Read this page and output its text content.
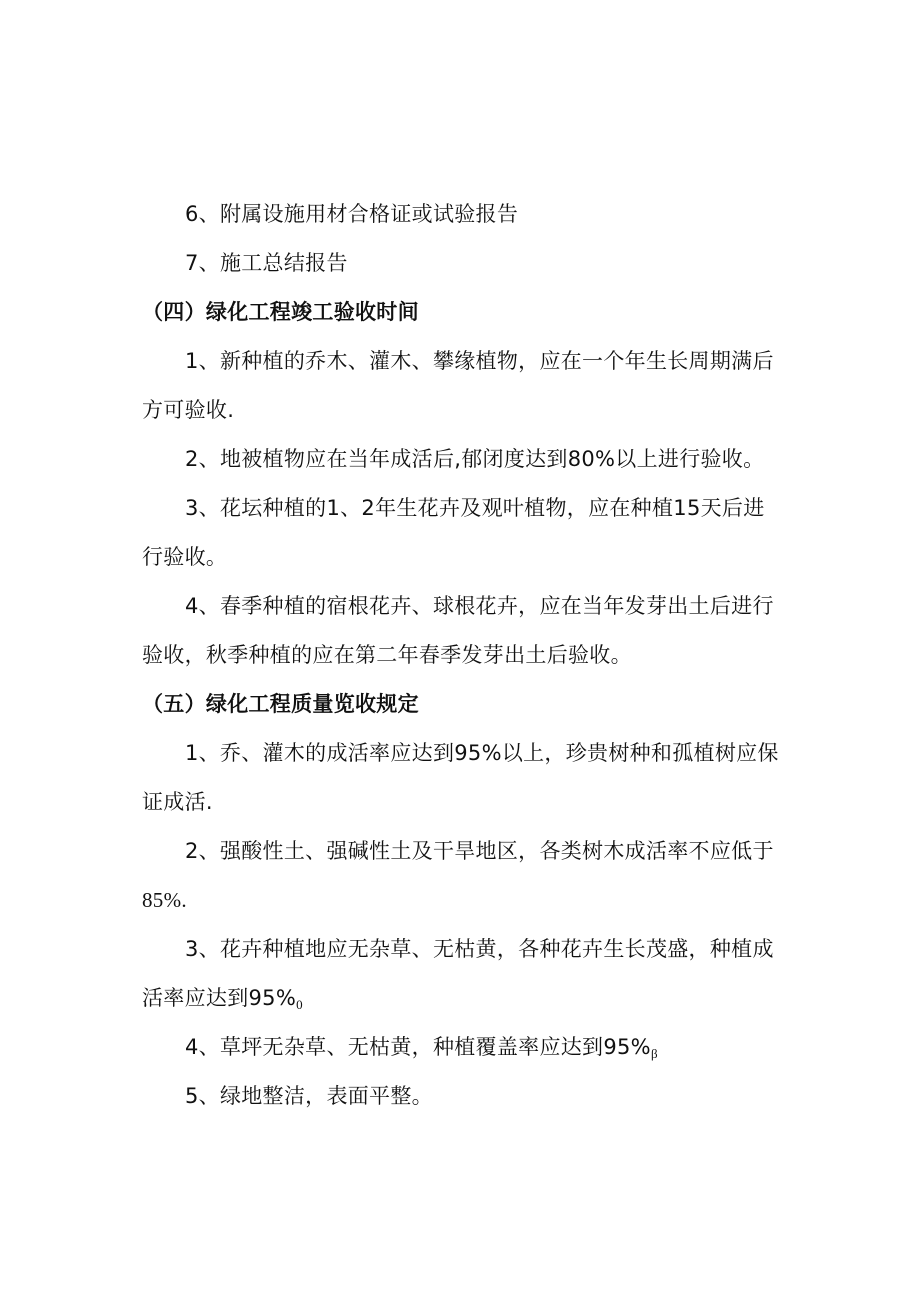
6、附属设施用材合格证或试验报告
7、施工总结报告
（四）绿化工程竣工验收时间
1、新种植的乔木、灌木、攀缘植物，应在一个年生长周期满后
方可验收.
2、地被植物应在当年成活后,郁闭度达到80%以上进行验收。
3、花坛种植的1、2年生花卉及观叶植物，应在种植15天后进
行验收。
4、春季种植的宿根花卉、球根花卉，应在当年发芽出土后进行
验收，秋季种植的应在第二年春季发芽出土后验收。
（五）绿化工程质量览收规定
1、乔、灌木的成活率应达到95%以上，珍贵树种和孤植树应保
证成活.
2、强酸性土、强碱性土及干旱地区，各类树木成活率不应低于
85%.
3、花卉种植地应无杂草、无枯黄，各种花卉生长茂盛，种植成
活率应达到$95\%_0$
4、草坪无杂草、无枯黄，种植覆盖率应达到$95\%_\beta$
5、绿地整洁，表面平整。
